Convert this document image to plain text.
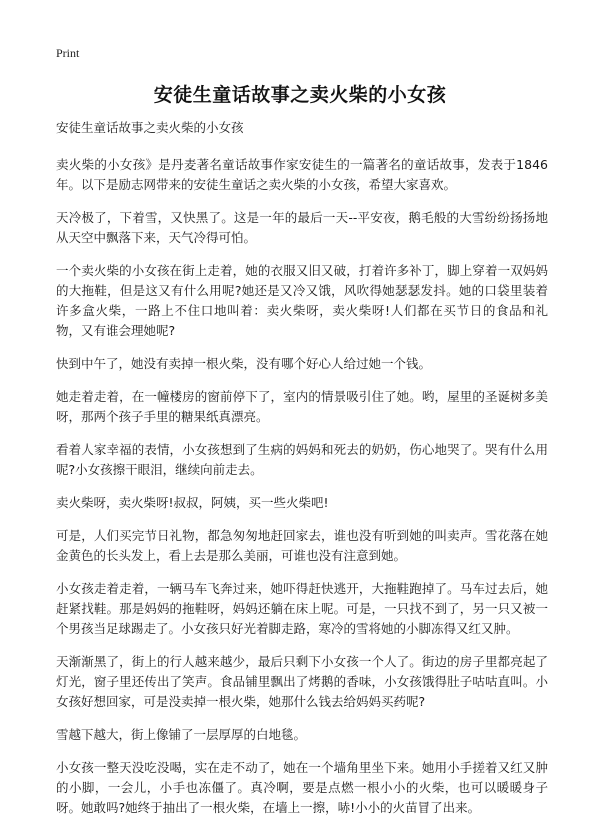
Print
安徒生童话故事之卖火柴的小女孩

安徒生童话故事之卖火柴的小女孩

卖火柴的小女孩》是丹麦著名童话故事作家安徒生的一篇著名的童话故事，发表于1846年。以下是励志网带来的安徒生童话之卖火柴的小女孩，希望大家喜欢。

天冷极了，下着雪，又快黑了。这是一年的最后一天--平安夜，鹅毛般的大雪纷纷扬扬地从天空中飘落下来，天气冷得可怕。

一个卖火柴的小女孩在街上走着，她的衣服又旧又破，打着许多补丁，脚上穿着一双妈妈的大拖鞋，但是这又有什么用呢?她还是又冷又饿，风吹得她瑟瑟发抖。她的口袋里装着许多盒火柴，一路上不住口地叫着：卖火柴呀，卖火柴呀!人们都在买节日的食品和礼物，又有谁会理她呢?

快到中午了，她没有卖掉一根火柴，没有哪个好心人给过她一个钱。

她走着走着，在一幢楼房的窗前停下了，室内的情景吸引住了她。哟，屋里的圣诞树多美呀，那两个孩子手里的糖果纸真漂亮。

看着人家幸福的表情，小女孩想到了生病的妈妈和死去的奶奶，伤心地哭了。哭有什么用呢?小女孩擦干眼泪，继续向前走去。

卖火柴呀，卖火柴呀!叔叔，阿姨，买一些火柴吧!

可是，人们买完节日礼物，都急匆匆地赶回家去，谁也没有听到她的叫卖声。雪花落在她金黄色的长头发上，看上去是那么美丽，可谁也没有注意到她。

小女孩走着走着，一辆马车飞奔过来，她吓得赶快逃开，大拖鞋跑掉了。马车过去后，她赶紧找鞋。那是妈妈的拖鞋呀，妈妈还躺在床上呢。可是，一只找不到了，另一只又被一个男孩当足球踢走了。小女孩只好光着脚走路，寒冷的雪将她的小脚冻得又红又肿。

天渐渐黑了，街上的行人越来越少，最后只剩下小女孩一个人了。街边的房子里都亮起了灯光，窗子里还传出了笑声。食品铺里飘出了烤鹅的香味，小女孩饿得肚子咕咕直叫。小女孩好想回家，可是没卖掉一根火柴，她那什么钱去给妈妈买药呢?

雪越下越大，街上像铺了一层厚厚的白地毯。

小女孩一整天没吃没喝，实在走不动了，她在一个墙角里坐下来。她用小手搓着又红又肿的小脚，一会儿，小手也冻僵了。真冷啊，要是点燃一根小小的火柴，也可以暖暖身子呀。她敢吗?她终于抽出了一根火柴，在墙上一擦，哧!小小的火苗冒了出来。
